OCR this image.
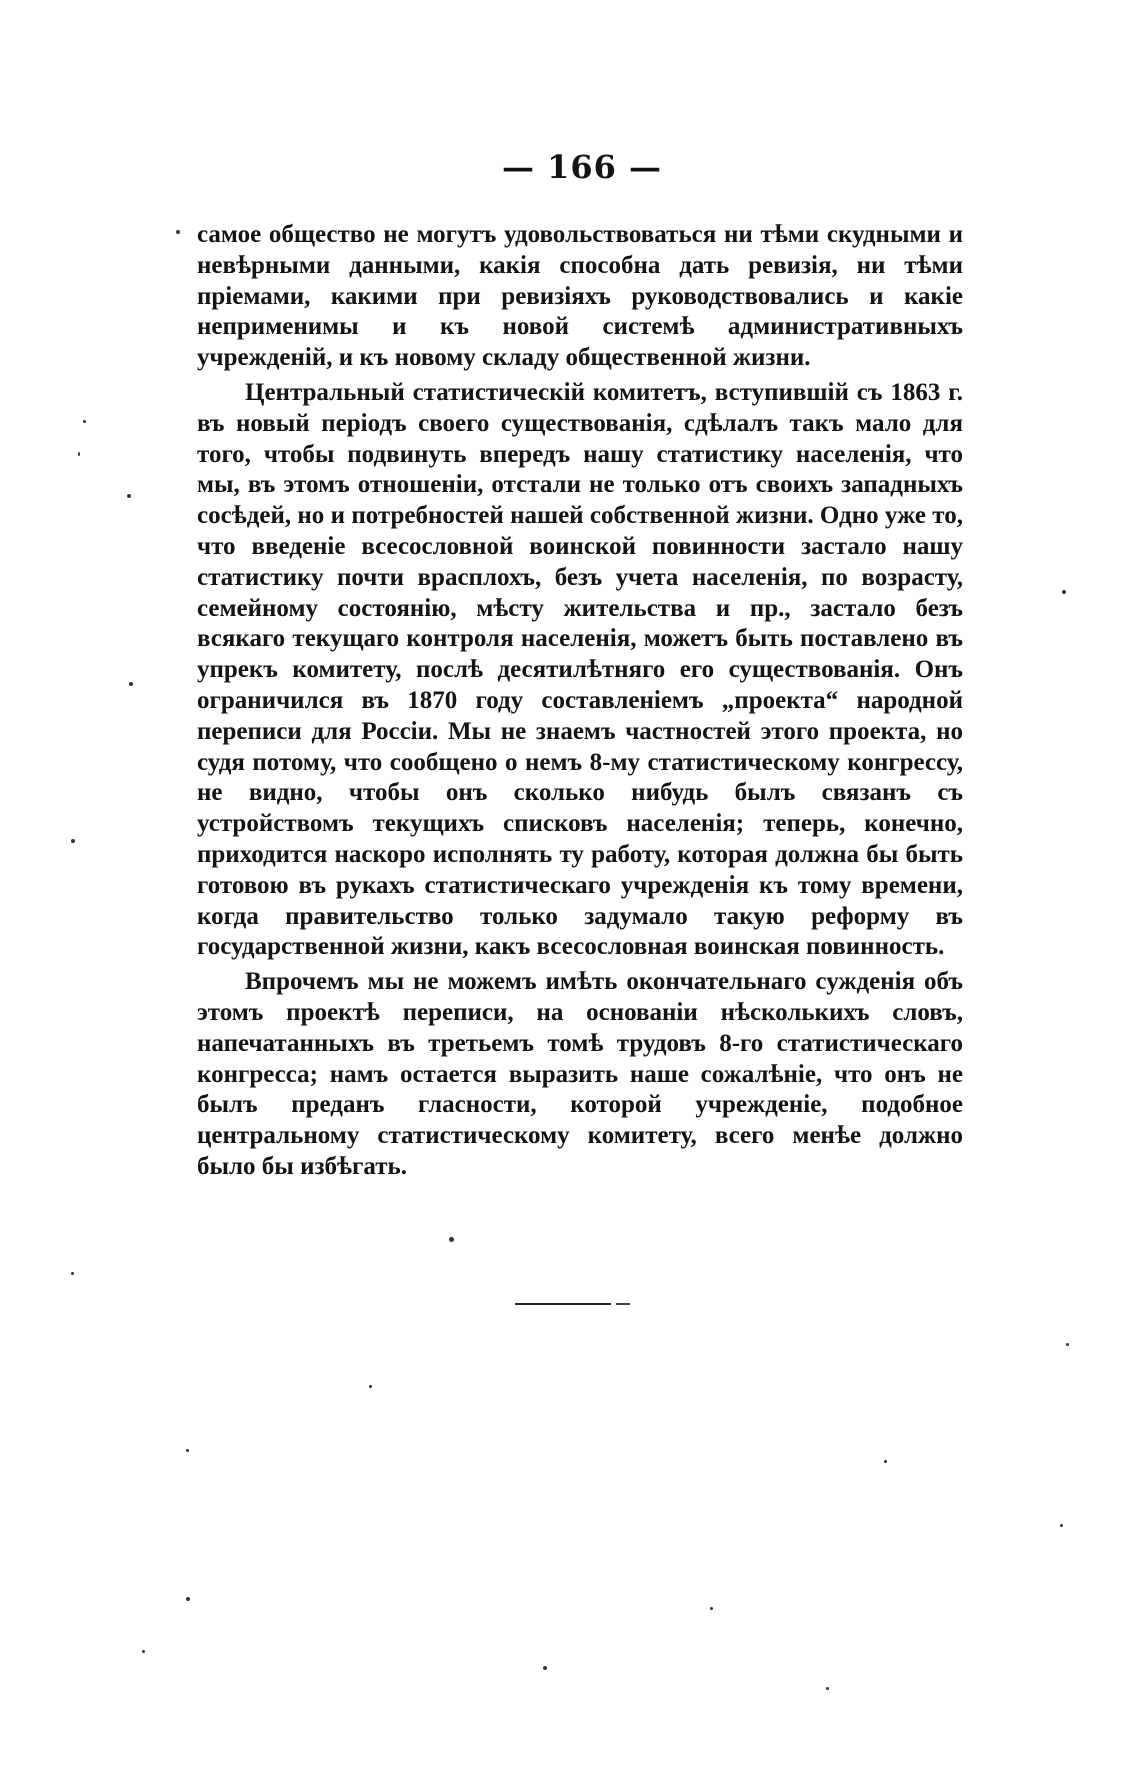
— 166 —

самое общество не могутъ удовольствоваться ни тѣми скудными и невѣрными данными, какія способна дать ревизія, ни тѣми пріемами, какими при ревизіяхъ руководствовались и какіе неприменимы и къ новой системѣ административныхъ учрежденій, и къ новому складу общественной жизни.

Центральный статистическій комитетъ, вступившій съ 1863 г. въ новый періодъ своего существованія, сдѣлалъ такъ мало для того, чтобы подвинуть впередъ нашу статистику населенія, что мы, въ этомъ отношеніи, отстали не только отъ своихъ западныхъ сосѣдей, но и потребностей нашей собственной жизни. Одно уже то, что введеніе всесословной воинской повинности застало нашу статистику почти врасплохъ, безъ учета населенія, по возрасту, семейному состоянію, мѣсту жительства и пр., застало безъ всякаго текущаго контроля населенія, можетъ быть поставлено въ упрекъ комитету, послѣ десятилѣтняго его существованія. Онъ ограничился въ 1870 году составленіемъ „проекта“ народной переписи для Россіи. Мы не знаемъ частностей этого проекта, но судя потому, что сообщено о немъ 8-му статистическому конгрессу, не видно, чтобы онъ сколько нибудь былъ связанъ съ устройствомъ текущихъ списковъ населенія; теперь, конечно, приходится наскоро исполнять ту работу, которая должна бы быть готовою въ рукахъ статистическаго учрежденія къ тому времени, когда правительство только задумало такую реформу въ государственной жизни, какъ всесословная воинская повинность.

Впрочемъ мы не можемъ имѣть окончательнаго сужденія объ этомъ проектѣ переписи, на основаніи нѣсколькихъ словъ, напечатанныхъ въ третьемъ томѣ трудовъ 8-го статистическаго конгресса; намъ остается выразить наше сожалѣніе, что онъ не былъ преданъ гласности, которой учрежденіе, подобное центральному статистическому комитету, всего менѣе должно было бы избѣгать.
